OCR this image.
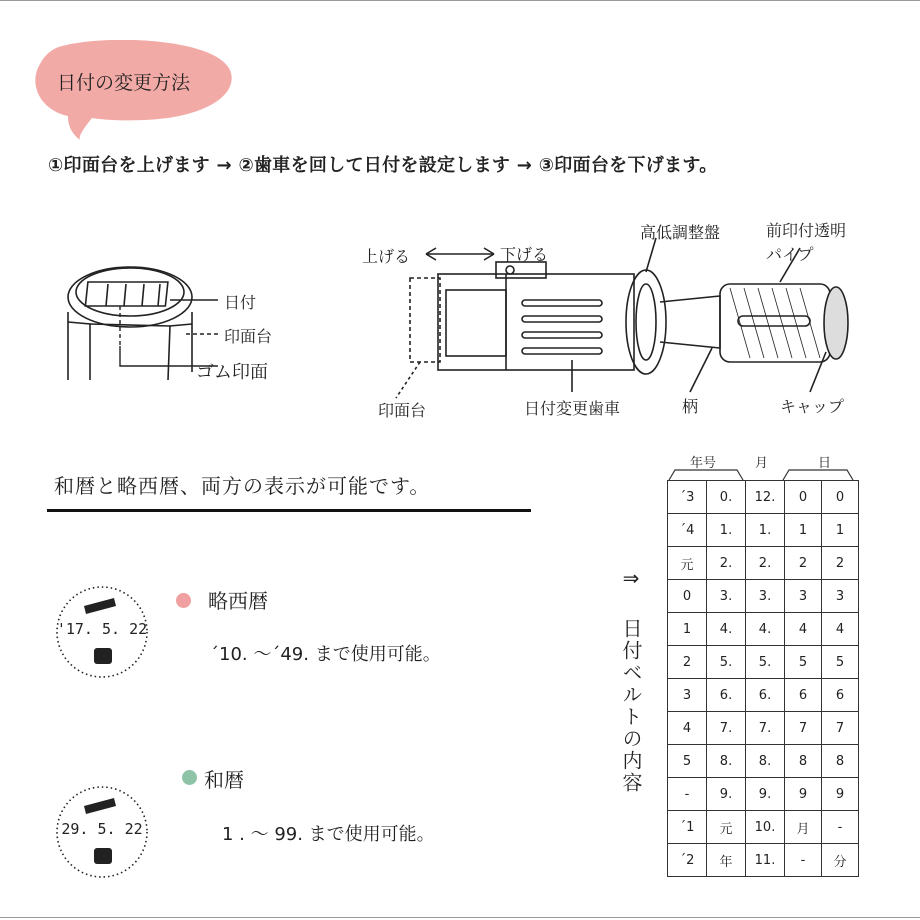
日付の変更方法
①印面台を上げます → ②歯車を回して日付を設定します → ③印面台を下げます。
日付
印面台
ゴム印面
上げる	下げる
高低調整盤	前印付透明
パイプ
印面台	日付変更歯車	柄	キャップ
和暦と略西暦、両方の表示が可能です。
'17. 5. 22
略西暦
´10. ～´49. まで使用可能。
29. 5. 22
和暦
1 . ～ 99. まで使用可能。
⇒ 日付ベルトの内容
年号	月	日
´3	0.	12.	0	0
´4	1.	1.	1	1
元	2.	2.	2	2
0	3.	3.	3	3
1	4.	4.	4	4
2	5.	5.	5	5
3	6.	6.	6	6
4	7.	7.	7	7
5	8.	8.	8	8
-	9.	9.	9	9
´1	元	10.	月	-
´2	年	11.	-	分
